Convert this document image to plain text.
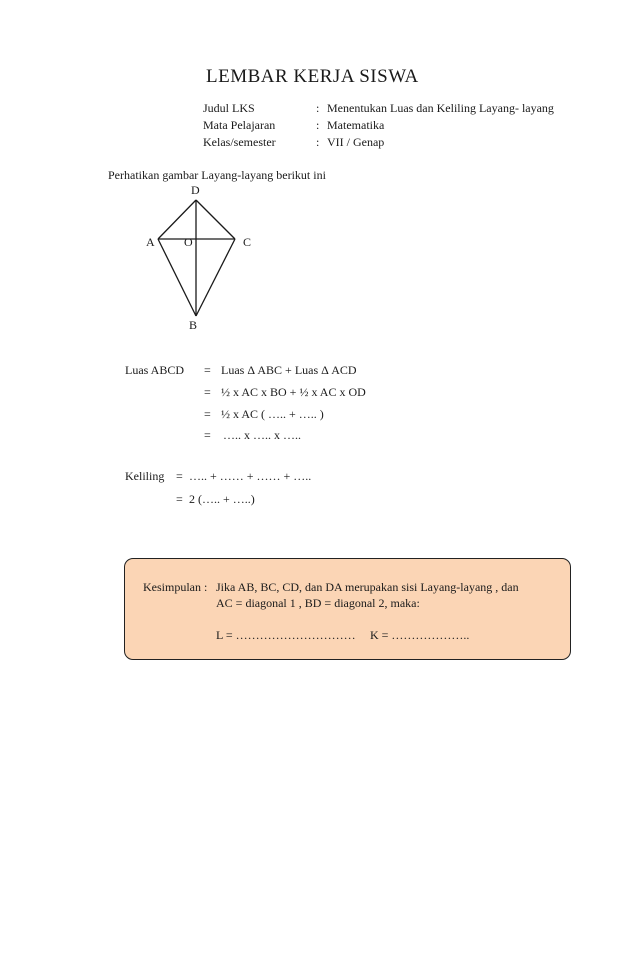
LEMBAR KERJA SISWA
Judul LKS	: Menentukan Luas dan Keliling Layang- layang
Mata Pelajaran	: Matematika
Kelas/semester	: VII / Genap
Perhatikan gambar Layang-layang berikut ini
D
A O	C
B
Luas ABCD = Luas Δ ABC + Luas Δ ACD
= ½ x AC x BO + ½ x AC x OD
= ½ x AC ( ….. + ….. )
= ….. x ….. x …..
Keliling = ….. + …… + …… + …..
= 2 (….. + …..)
Kesimpulan : Jika AB, BC, CD, dan DA merupakan sisi Layang-layang , dan
AC = diagonal 1 , BD = diagonal 2, maka:
L = ………………………… K = ………………..
